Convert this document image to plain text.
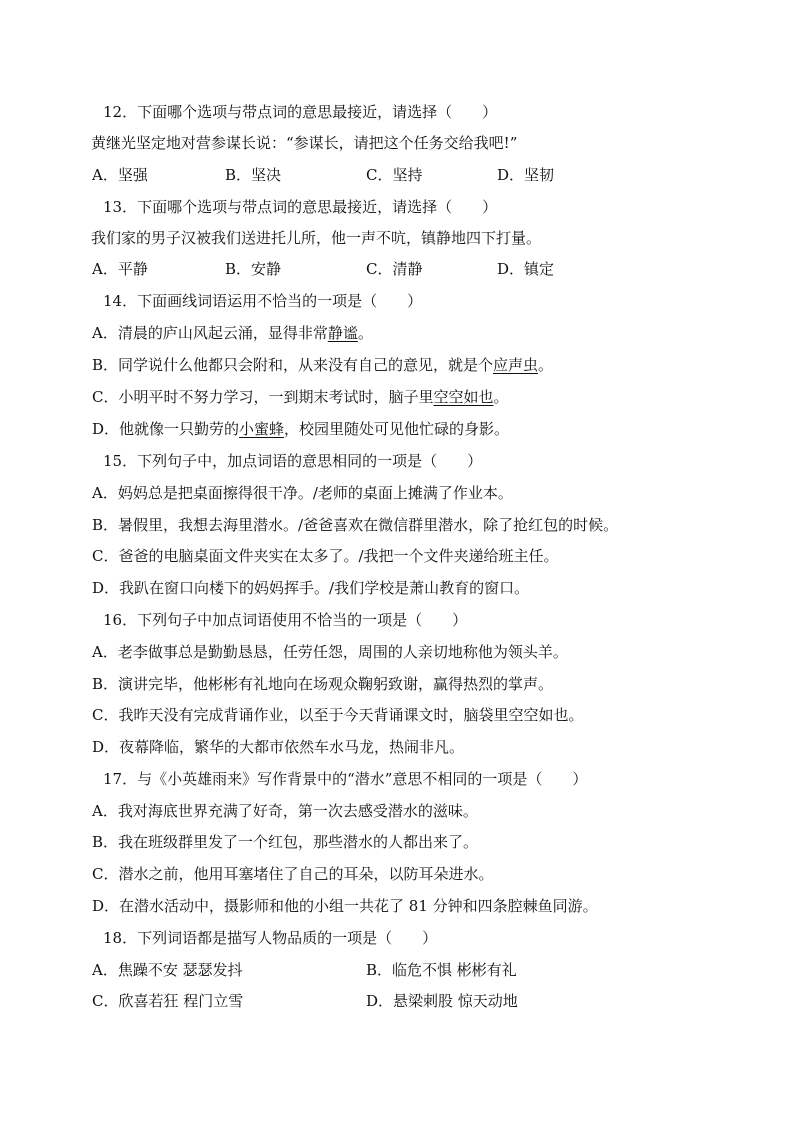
12．下面哪个选项与带点词的意思最接近，请选择（　　）
黄继光坚定地对营参谋长说：“参谋长，请把这个任务交给我吧!”
A．坚强	B．坚决	C．坚持	D．坚韧
13．下面哪个选项与带点词的意思最接近，请选择（　　）
我们家的男子汉被我们送进托儿所，他一声不吭，镇静地四下打量。
A．平静	B．安静	C．清静	D．镇定
14．下面画线词语运用不恰当的一项是（　　）
A．清晨的庐山风起云涌，显得非常静谧。
B．同学说什么他都只会附和，从来没有自己的意见，就是个应声虫。
C．小明平时不努力学习，一到期末考试时，脑子里空空如也。
D．他就像一只勤劳的小蜜蜂，校园里随处可见他忙碌的身影。
15．下列句子中，加点词语的意思相同的一项是（　　）
A．妈妈总是把桌面擦得很干净。/老师的桌面上摊满了作业本。
B．暑假里，我想去海里潜水。/爸爸喜欢在微信群里潜水，除了抢红包的时候。
C．爸爸的电脑桌面文件夹实在太多了。/我把一个文件夹递给班主任。
D．我趴在窗口向楼下的妈妈挥手。/我们学校是萧山教育的窗口。
16．下列句子中加点词语使用不恰当的一项是（　　）
A．老李做事总是勤勤恳恳，任劳任怨，周围的人亲切地称他为领头羊。
B．演讲完毕，他彬彬有礼地向在场观众鞠躬致谢，赢得热烈的掌声。
C．我昨天没有完成背诵作业，以至于今天背诵课文时，脑袋里空空如也。
D．夜幕降临，繁华的大都市依然车水马龙，热闹非凡。
17．与《小英雄雨来》写作背景中的“潜水”意思不相同的一项是（　　）
A．我对海底世界充满了好奇，第一次去感受潜水的滋味。
B．我在班级群里发了一个红包，那些潜水的人都出来了。
C．潜水之前，他用耳塞堵住了自己的耳朵，以防耳朵进水。
D．在潜水活动中，摄影师和他的小组一共花了 81 分钟和四条腔棘鱼同游。
18．下列词语都是描写人物品质的一项是（　　）
A．焦躁不安 瑟瑟发抖	B．临危不惧 彬彬有礼
C．欣喜若狂 程门立雪	D．悬梁刺股 惊天动地
